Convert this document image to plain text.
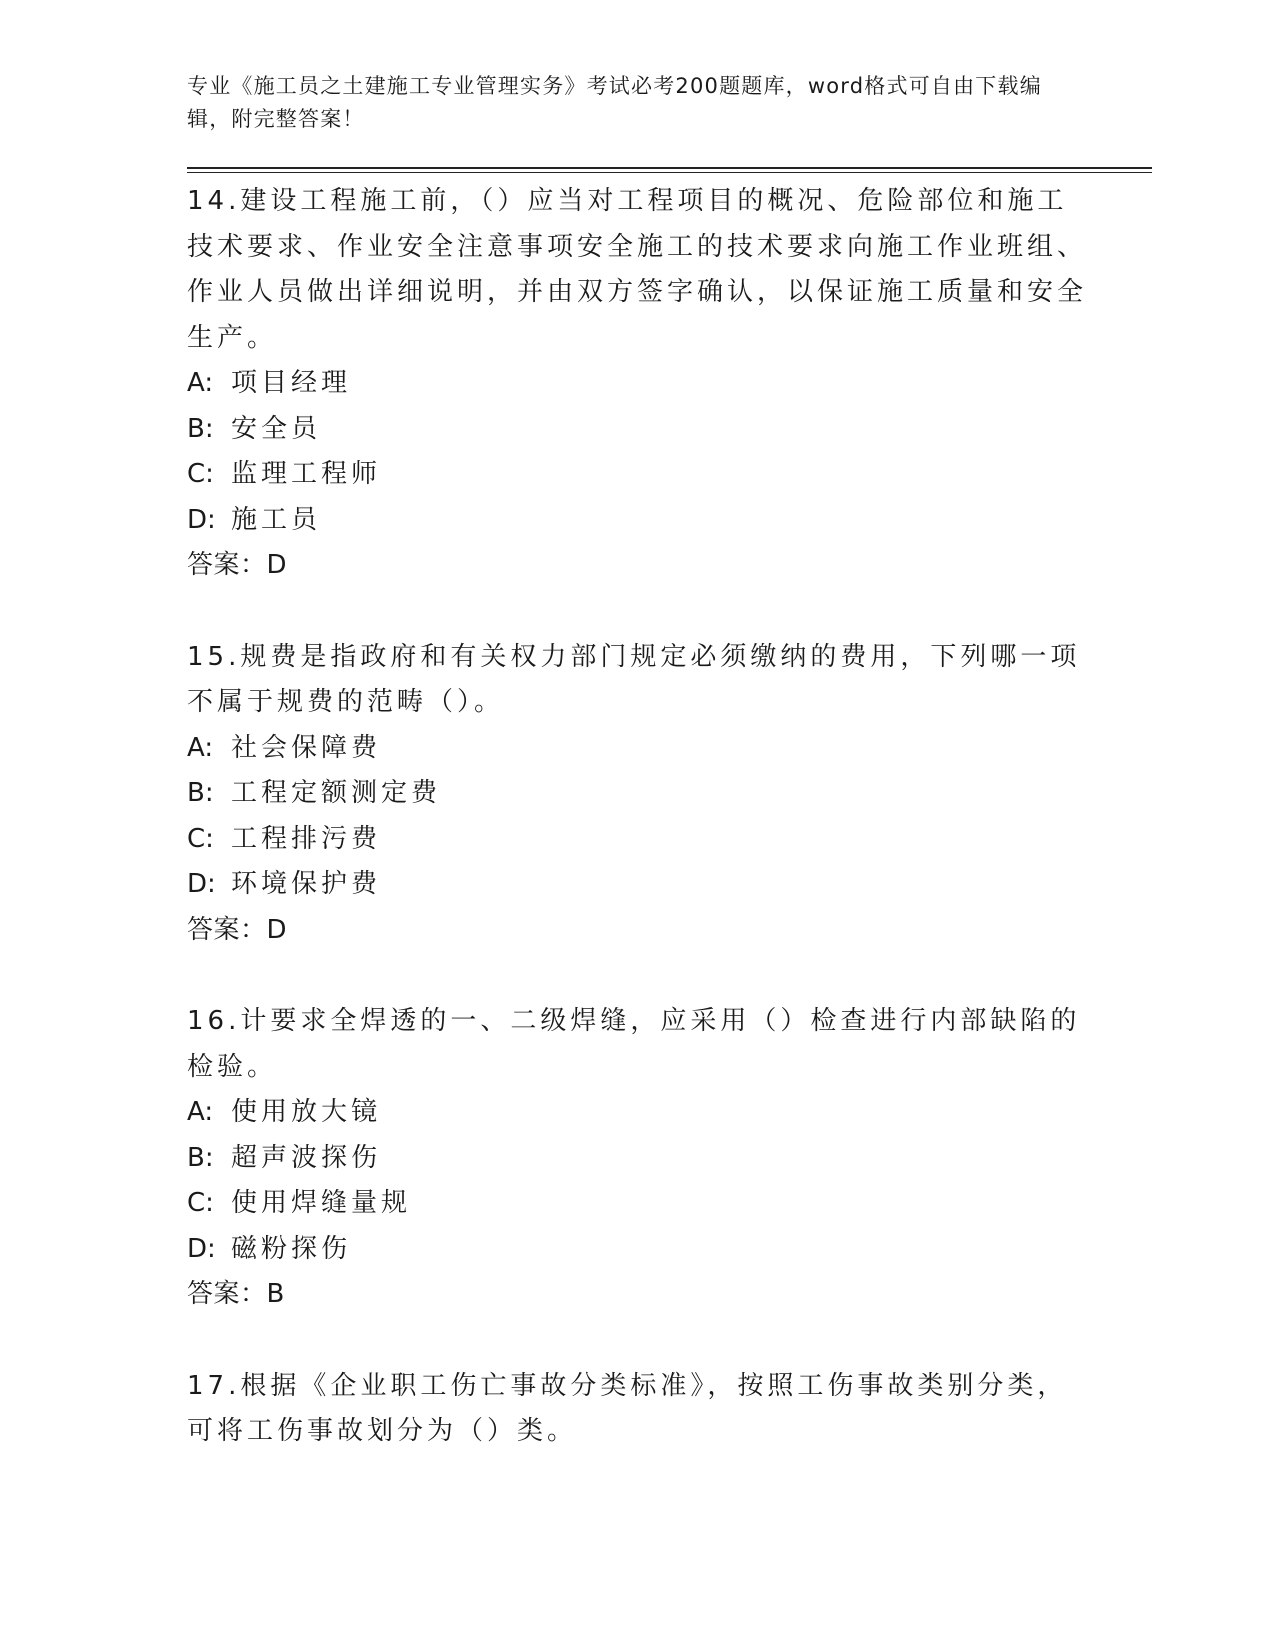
专业《施工员之土建施工专业管理实务》考试必考200题题库，word格式可自由下载编辑，附完整答案！

14.建设工程施工前，（）应当对工程项目的概况、危险部位和施工技术要求、作业安全注意事项安全施工的技术要求向施工作业班组、作业人员做出详细说明，并由双方签字确认，以保证施工质量和安全生产。

A: 项目经理

B: 安全员

C: 监理工程师

D: 施工员

答案：D

15.规费是指政府和有关权力部门规定必须缴纳的费用，下列哪一项不属于规费的范畴（）。

A: 社会保障费

B: 工程定额测定费

C: 工程排污费

D: 环境保护费

答案：D

16.计要求全焊透的一、二级焊缝，应采用（）检查进行内部缺陷的检验。

A: 使用放大镜

B: 超声波探伤

C: 使用焊缝量规

D: 磁粉探伤

答案：B

17.根据《企业职工伤亡事故分类标准》，按照工伤事故类别分类，可将工伤事故划分为（）类。
